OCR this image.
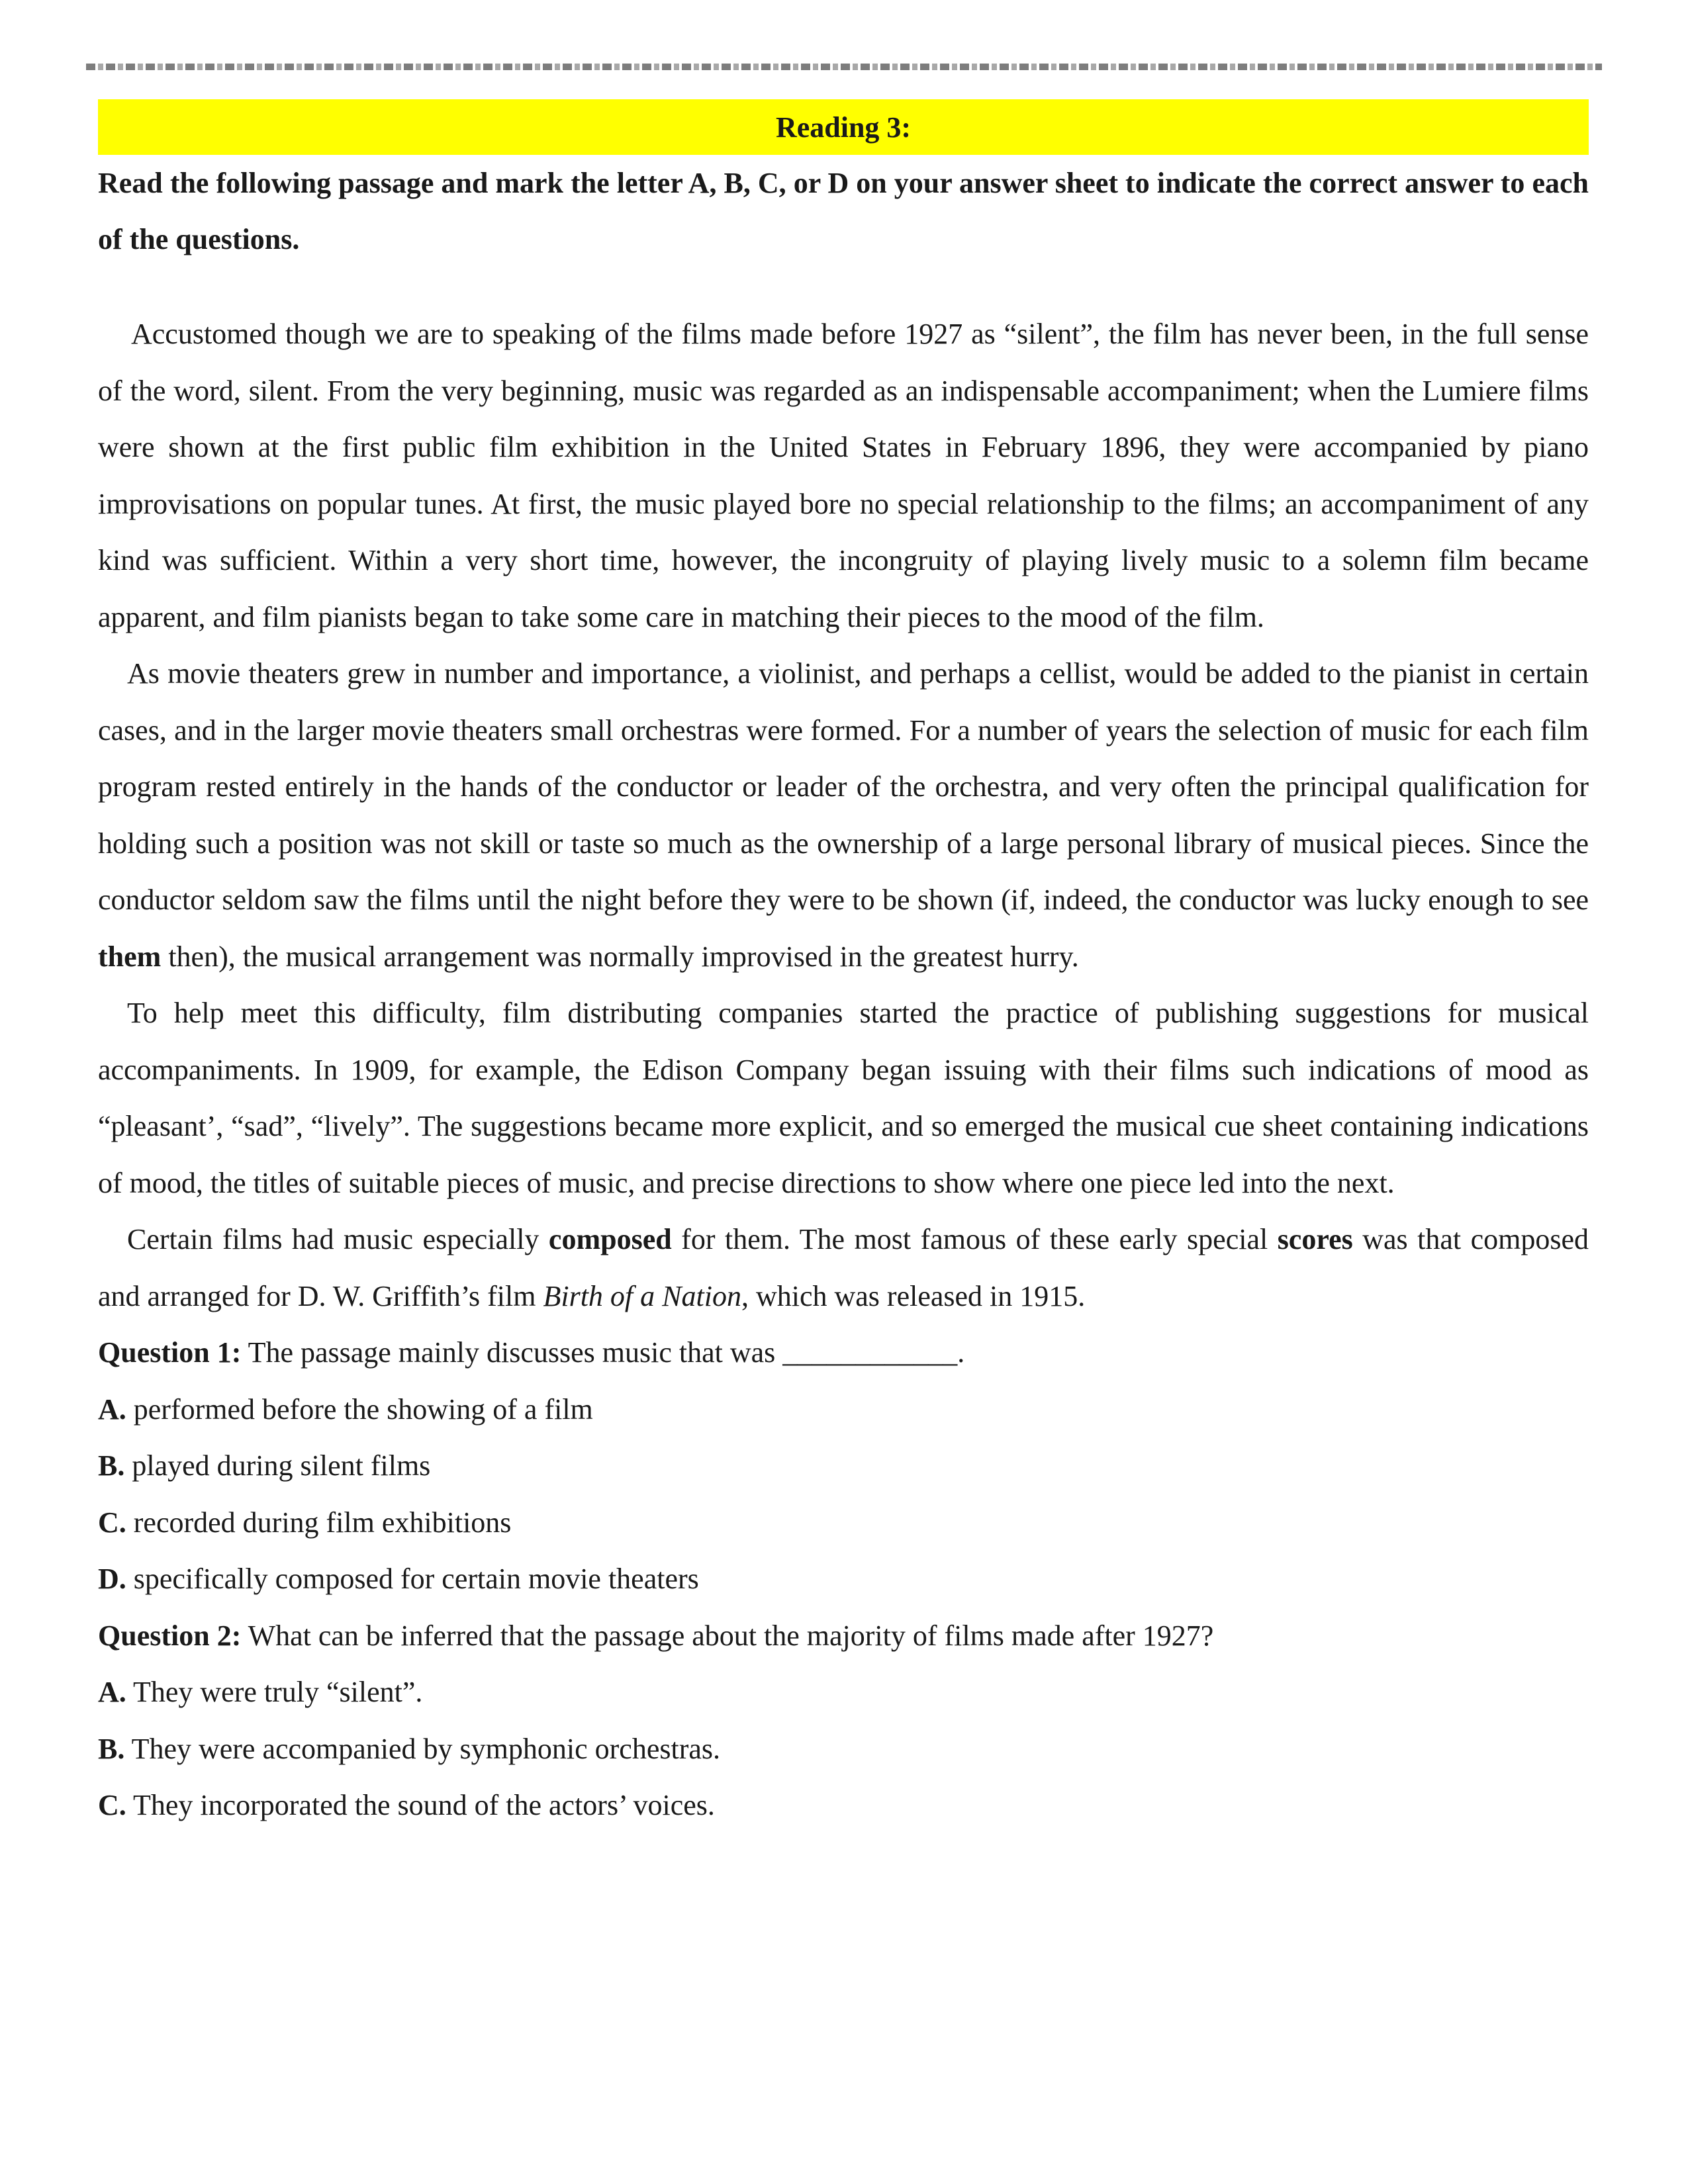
Reading 3:
Read the following passage and mark the letter A, B, C, or D on your answer sheet to indicate the correct answer to each of the questions.

Accustomed though we are to speaking of the films made before 1927 as “silent”, the film has never been, in the full sense of the word, silent. From the very beginning, music was regarded as an indispensable accompaniment; when the Lumiere films were shown at the first public film exhibition in the United States in February 1896, they were accompanied by piano improvisations on popular tunes. At first, the music played bore no special relationship to the films; an accompaniment of any kind was sufficient. Within a very short time, however, the incongruity of playing lively music to a solemn film became apparent, and film pianists began to take some care in matching their pieces to the mood of the film.

As movie theaters grew in number and importance, a violinist, and perhaps a cellist, would be added to the pianist in certain cases, and in the larger movie theaters small orchestras were formed. For a number of years the selection of music for each film program rested entirely in the hands of the conductor or leader of the orchestra, and very often the principal qualification for holding such a position was not skill or taste so much as the ownership of a large personal library of musical pieces. Since the conductor seldom saw the films until the night before they were to be shown (if, indeed, the conductor was lucky enough to see them then), the musical arrangement was normally improvised in the greatest hurry.

To help meet this difficulty, film distributing companies started the practice of publishing suggestions for musical accompaniments. In 1909, for example, the Edison Company began issuing with their films such indications of mood as “pleasant’, “sad”, “lively”. The suggestions became more explicit, and so emerged the musical cue sheet containing indications of mood, the titles of suitable pieces of music, and precise directions to show where one piece led into the next.

Certain films had music especially composed for them. The most famous of these early special scores was that composed and arranged for D. W. Griffith’s film Birth of a Nation, which was released in 1915.

Question 1: The passage mainly discusses music that was ____________.

A. performed before the showing of a film

B. played during silent films

C. recorded during film exhibitions

D. specifically composed for certain movie theaters

Question 2: What can be inferred that the passage about the majority of films made after 1927?

A. They were truly “silent”.

B. They were accompanied by symphonic orchestras.

C. They incorporated the sound of the actors’ voices.
